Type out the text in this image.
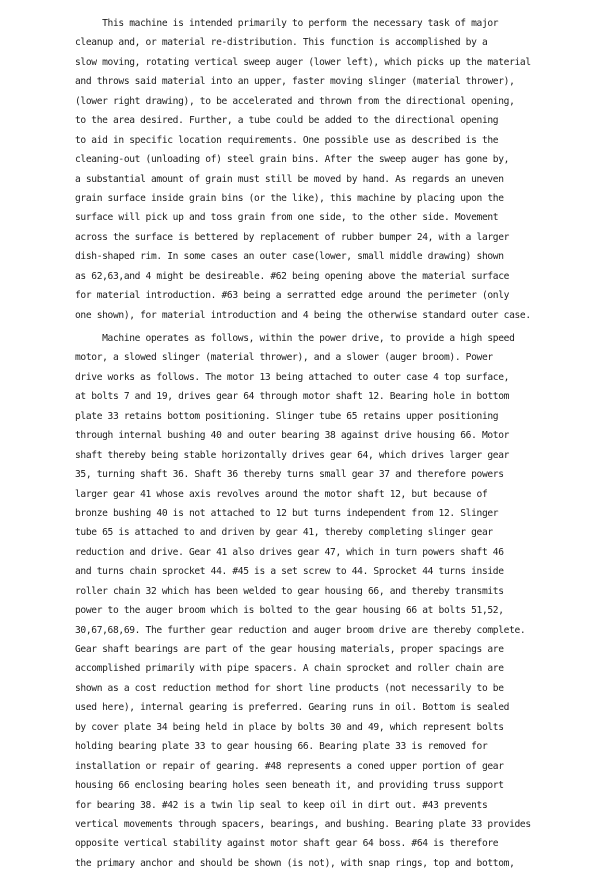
This machine is intended primarily to perform the necessary task of major
cleanup and, or material re-distribution. This function is accomplished by a
slow moving, rotating vertical sweep auger (lower left), which picks up the material
and throws said material into an upper, faster moving slinger (material thrower),
(lower right drawing), to be accelerated and thrown from the directional opening,
to the area desired. Further, a tube could be added to the directional opening
to aid in specific location requirements. One possible use as described is the
cleaning-out (unloading of) steel grain bins. After the sweep auger has gone by,
a substantial amount of grain must still be moved by hand. As regards an uneven
grain surface inside grain bins (or the like), this machine by placing upon the
surface will pick up and toss grain from one side, to the other side. Movement
across the surface is bettered by replacement of rubber bumper 24, with a larger
dish-shaped rim. In some cases an outer case(lower, small middle drawing) shown
as 62,63,and 4 might be desireable. #62 being opening above the material surface
for material introduction. #63 being a serratted edge around the perimeter (only
one shown), for material introduction and 4 being the otherwise standard outer case.
Machine operates as follows, within the power drive, to provide a high speed
motor, a slowed slinger (material thrower), and a slower (auger broom). Power
drive works as follows. The motor 13 being attached to outer case 4 top surface,
at bolts 7 and 19, drives gear 64 through motor shaft 12. Bearing hole in bottom
plate 33 retains bottom positioning. Slinger tube 65 retains upper positioning
through internal bushing 40 and outer bearing 38 against drive housing 66. Motor
shaft thereby being stable horizontally drives gear 64, which drives larger gear
35, turning shaft 36. Shaft 36 thereby turns small gear 37 and therefore powers
larger gear 41 whose axis revolves around the motor shaft 12, but because of
bronze bushing 40 is not attached to 12 but turns independent from 12. Slinger
tube 65 is attached to and driven by gear 41, thereby completing slinger gear
reduction and drive. Gear 41 also drives gear 47, which in turn powers shaft 46
and turns chain sprocket 44. #45 is a set screw to 44. Sprocket 44 turns inside
roller chain 32 which has been welded to gear housing 66, and thereby transmits
power to the auger broom which is bolted to the gear housing 66 at bolts 51,52,
30,67,68,69. The further gear reduction and auger broom drive are thereby complete.
Gear shaft bearings are part of the gear housing materials, proper spacings are
accomplished primarily with pipe spacers. A chain sprocket and roller chain are
shown as a cost reduction method for short line products (not necessarily to be
used here), internal gearing is preferred. Gearing runs in oil. Bottom is sealed
by cover plate 34 being held in place by bolts 30 and 49, which represent bolts
holding bearing plate 33 to gear housing 66. Bearing plate 33 is removed for
installation or repair of gearing. #48 represents a coned upper portion of gear
housing 66 enclosing bearing holes seen beneath it, and providing truss support
for bearing 38. #42 is a twin lip seal to keep oil in dirt out. #43 prevents
vertical movements through spacers, bearings, and bushing. Bearing plate 33 provides
opposite vertical stability against motor shaft gear 64 boss. #64 is therefore
the primary anchor and should be shown (is not), with snap rings, top and bottom,
